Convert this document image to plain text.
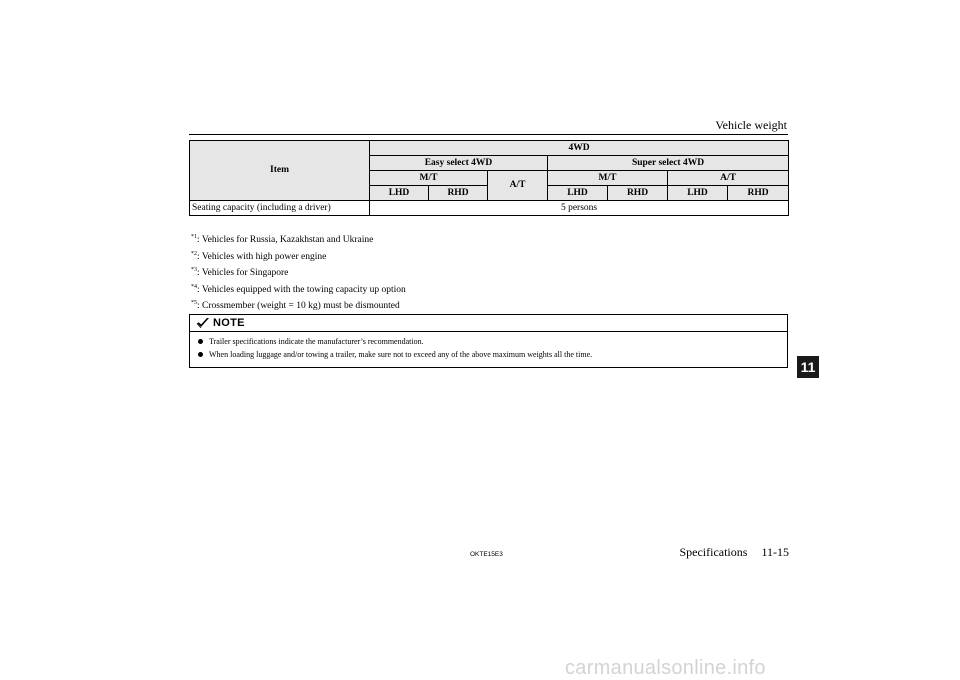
Vehicle weight
Item	4WD						
	Easy select 4WD			Super select 4WD			
	M/T		A/T	M/T		A/T	
	LHD	RHD		LHD	RHD	LHD	RHD
Seating capacity (including a driver)	5 persons						
$^{*1}$: Vehicles for Russia, Kazakhstan and Ukraine
$^{*2}$: Vehicles with high power engine
$^{*3}$: Vehicles for Singapore
$^{*4}$: Vehicles equipped with the towing capacity up option
$^{*5}$: Crossmember (weight = 10 kg) must be dismounted
NOTE
Trailer specifications indicate the manufacturer’s recommendation.
When loading luggage and/or towing a trailer, make sure not to exceed any of the above maximum weights all the time.
11
OKTE15E3	Specifications 11-15
carmanualsonline.info
